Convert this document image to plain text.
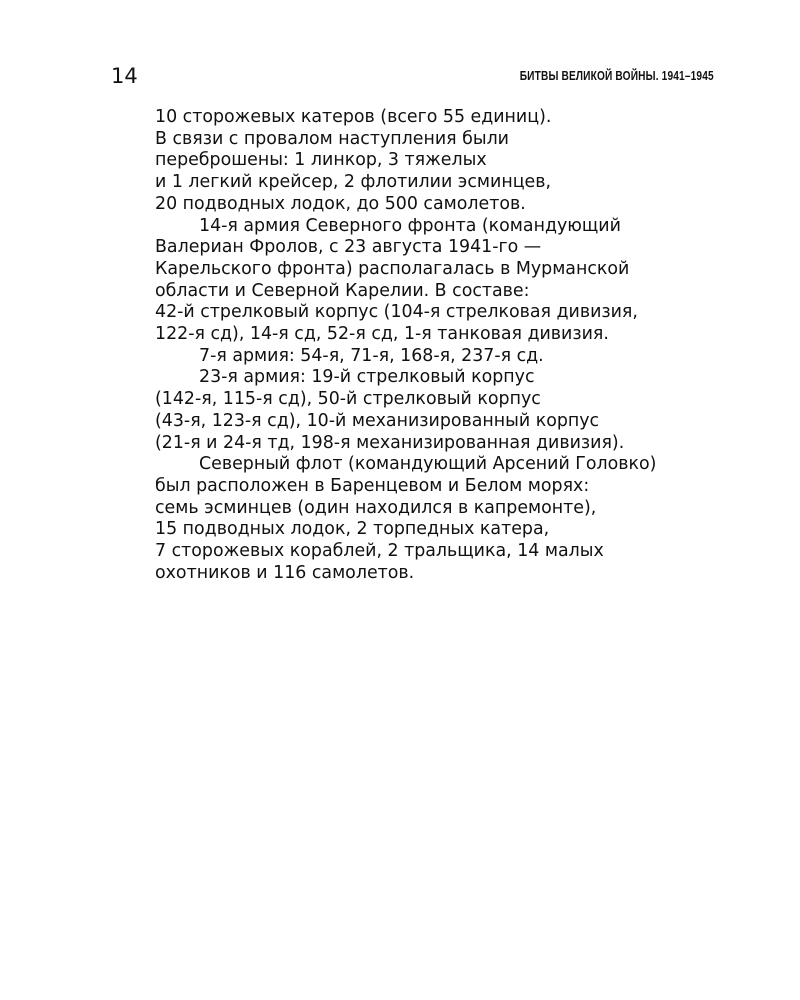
14	БИТВЫ ВЕЛИКОЙ ВОЙНЫ. 1941–1945
10 сторожевых катеров (всего 55 единиц).
В связи с провалом наступления были
переброшены: 1 линкор, 3 тяжелых
и 1 легкий крейсер, 2 флотилии эсминцев,
20 подводных лодок, до 500 самолетов.
14-я армия Северного фронта (командующий
Валериан Фролов, с 23 августа 1941-го —
Карельского фронта) располагалась в Мурманской
области и Северной Карелии. В составе:
42-й стрелковый корпус (104-я стрелковая дивизия,
122-я сд), 14-я сд, 52-я сд, 1-я танковая дивизия.
7-я армия: 54-я, 71-я, 168-я, 237-я сд.
23-я армия: 19-й стрелковый корпус
(142-я, 115-я сд), 50-й стрелковый корпус
(43-я, 123-я сд), 10-й механизированный корпус
(21-я и 24-я тд, 198-я механизированная дивизия).
Северный флот (командующий Арсений Головко)
был расположен в Баренцевом и Белом морях:
семь эсминцев (один находился в капремонте),
15 подводных лодок, 2 торпедных катера,
7 сторожевых кораблей, 2 тральщика, 14 малых
охотников и 116 самолетов.
